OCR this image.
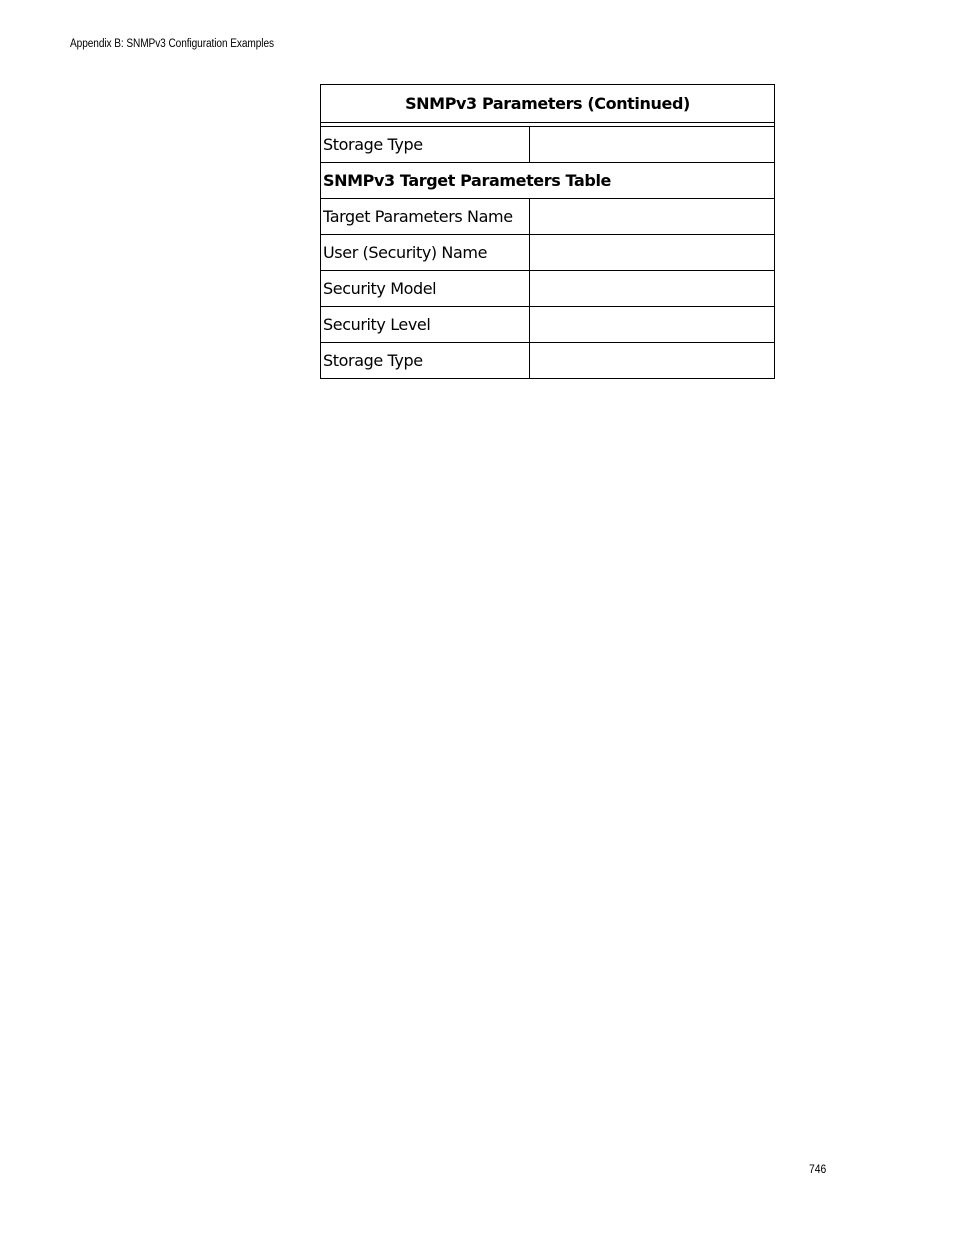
Appendix B: SNMPv3 Configuration Examples
SNMPv3 Parameters (Continued)	

Storage Type	
SNMPv3 Target Parameters Table	
Target Parameters Name	
User (Security) Name	
Security Model	
Security Level	
Storage Type	
746
